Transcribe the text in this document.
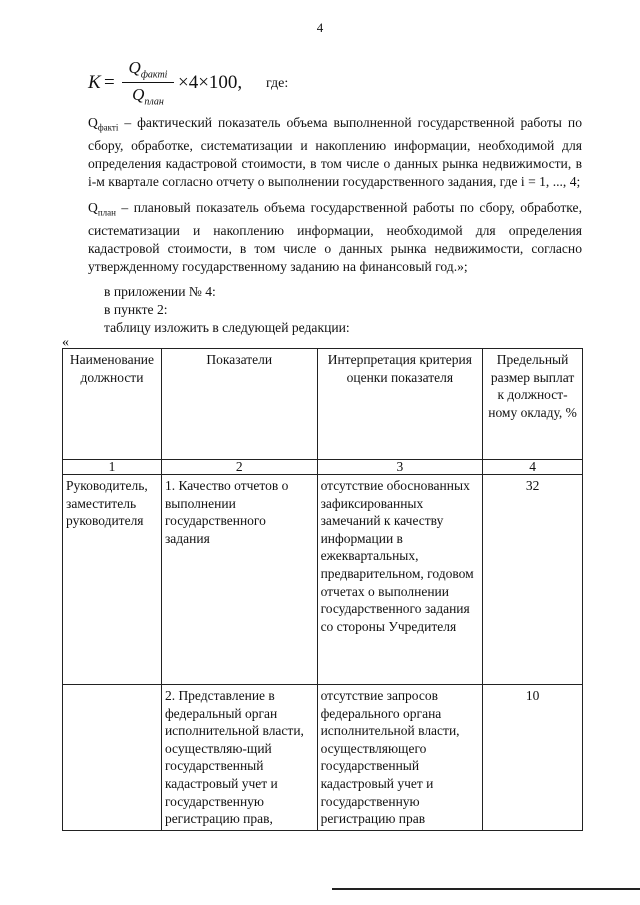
4
K =
$Q_{факті}$
$Q_{план}$
×4×100, где:
$Q_{факті}$ – фактический показатель объема выполненной государственной работы по сбору, обработке, систематизации и накоплению информации, необходимой для определения кадастровой стоимости, в том числе о данных рынка недвижимости, в i-м квартале согласно отчету о выполнении государственного задания, где i = 1, ..., 4;
$Q_{план}$ – плановый показатель объема государственной работы по сбору, обработке, систематизации и накоплению информации, необходимой для определения кадастровой стоимости, в том числе о данных рынка недвижимости, согласно утвержденному государственному заданию на финансовый год.»;
в приложении № 4:
в пункте 2:
таблицу изложить в следующей редакции:
«
Наименование должности	Показатели	Интерпретация критерия оценки показателя	Предельный размер выплат к должност-ному окладу, %
1	2	3	4
Руководитель, заместитель руководителя	1. Качество отчетов о выполнении государственного задания	отсутствие обоснованных зафиксированных замечаний к качеству информации в ежеквартальных, предварительном, годовом отчетах о выполнении государственного задания со стороны Учредителя	32
	2. Представление в федеральный орган исполнительной власти, осуществляю-щий государственный кадастровый учет и государственную регистрацию прав,	отсутствие запросов федерального органа исполнительной власти, осуществляющего государственный кадастровый учет и государственную регистрацию прав	10
